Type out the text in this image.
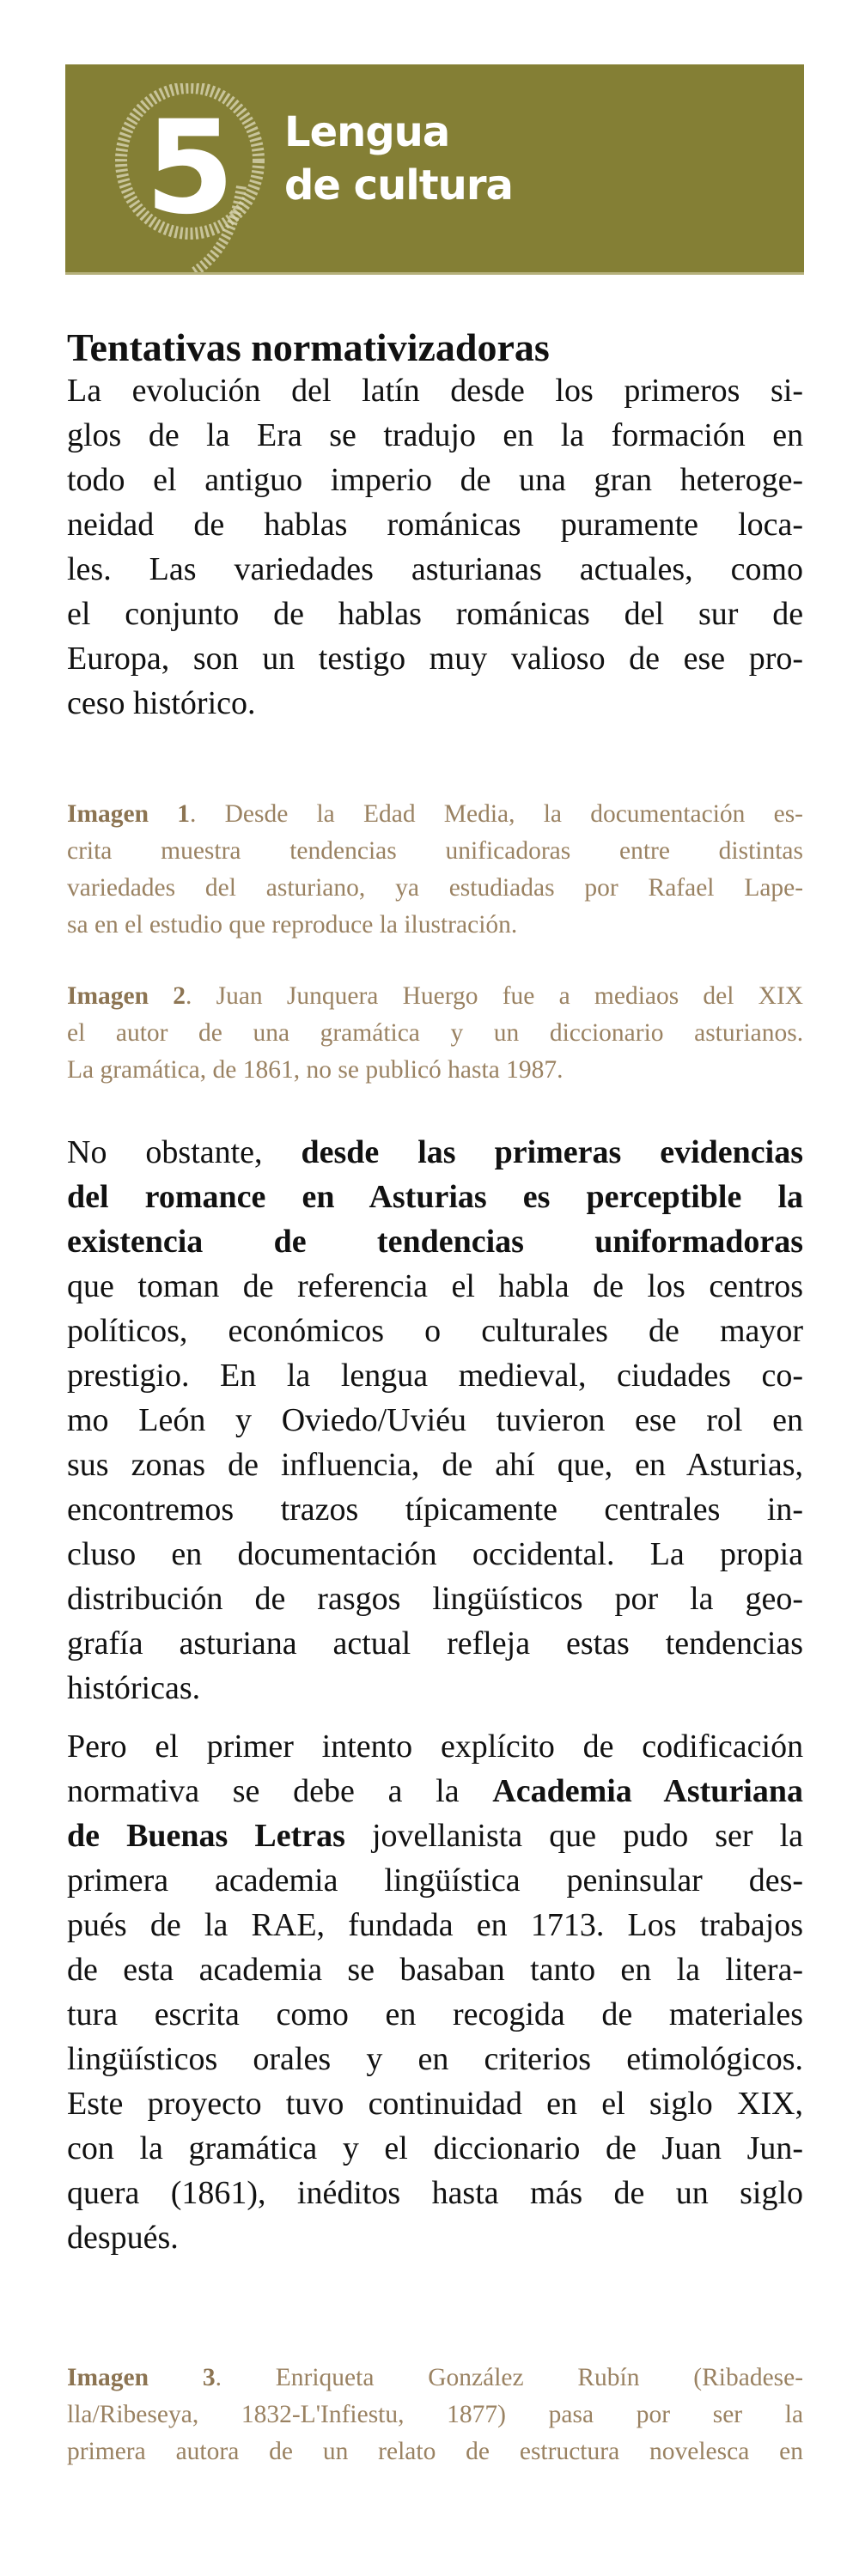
5 Lengua
de cultura
Tentativas normativizadoras
La evolución del latín desde los primeros si-
glos de la Era se tradujo en la formación en
todo el antiguo imperio de una gran heteroge-
neidad de hablas románicas puramente loca-
les. Las variedades asturianas actuales, como
el conjunto de hablas románicas del sur de
Europa, son un testigo muy valioso de ese pro-
ceso histórico.
Imagen 1. Desde la Edad Media, la documentación es-
crita muestra tendencias unificadoras entre distintas
variedades del asturiano, ya estudiadas por Rafael Lape-
sa en el estudio que reproduce la ilustración.
Imagen 2. Juan Junquera Huergo fue a mediaos del XIX
el autor de una gramática y un diccionario asturianos.
La gramática, de 1861, no se publicó hasta 1987.
No obstante, desde las primeras evidencias
del romance en Asturias es perceptible la
existencia de tendencias uniformadoras
que toman de referencia el habla de los centros
políticos, económicos o culturales de mayor
prestigio. En la lengua medieval, ciudades co-
mo León y Oviedo/Uviéu tuvieron ese rol en
sus zonas de influencia, de ahí que, en Asturias,
encontremos trazos típicamente centrales in-
cluso en documentación occidental. La propia
distribución de rasgos lingüísticos por la geo-
grafía asturiana actual refleja estas tendencias
históricas.
Pero el primer intento explícito de codificación
normativa se debe a la Academia Asturiana
de Buenas Letras jovellanista que pudo ser la
primera academia lingüística peninsular des-
pués de la RAE, fundada en 1713. Los trabajos
de esta academia se basaban tanto en la litera-
tura escrita como en recogida de materiales
lingüísticos orales y en criterios etimológicos.
Este proyecto tuvo continuidad en el siglo XIX,
con la gramática y el diccionario de Juan Jun-
quera (1861), inéditos hasta más de un siglo
después.
Imagen 3. Enriqueta González Rubín (Ribadese-
lla/Ribeseya, 1832-L'Infiestu, 1877) pasa por ser la
primera autora de un relato de estructura novelesca en
